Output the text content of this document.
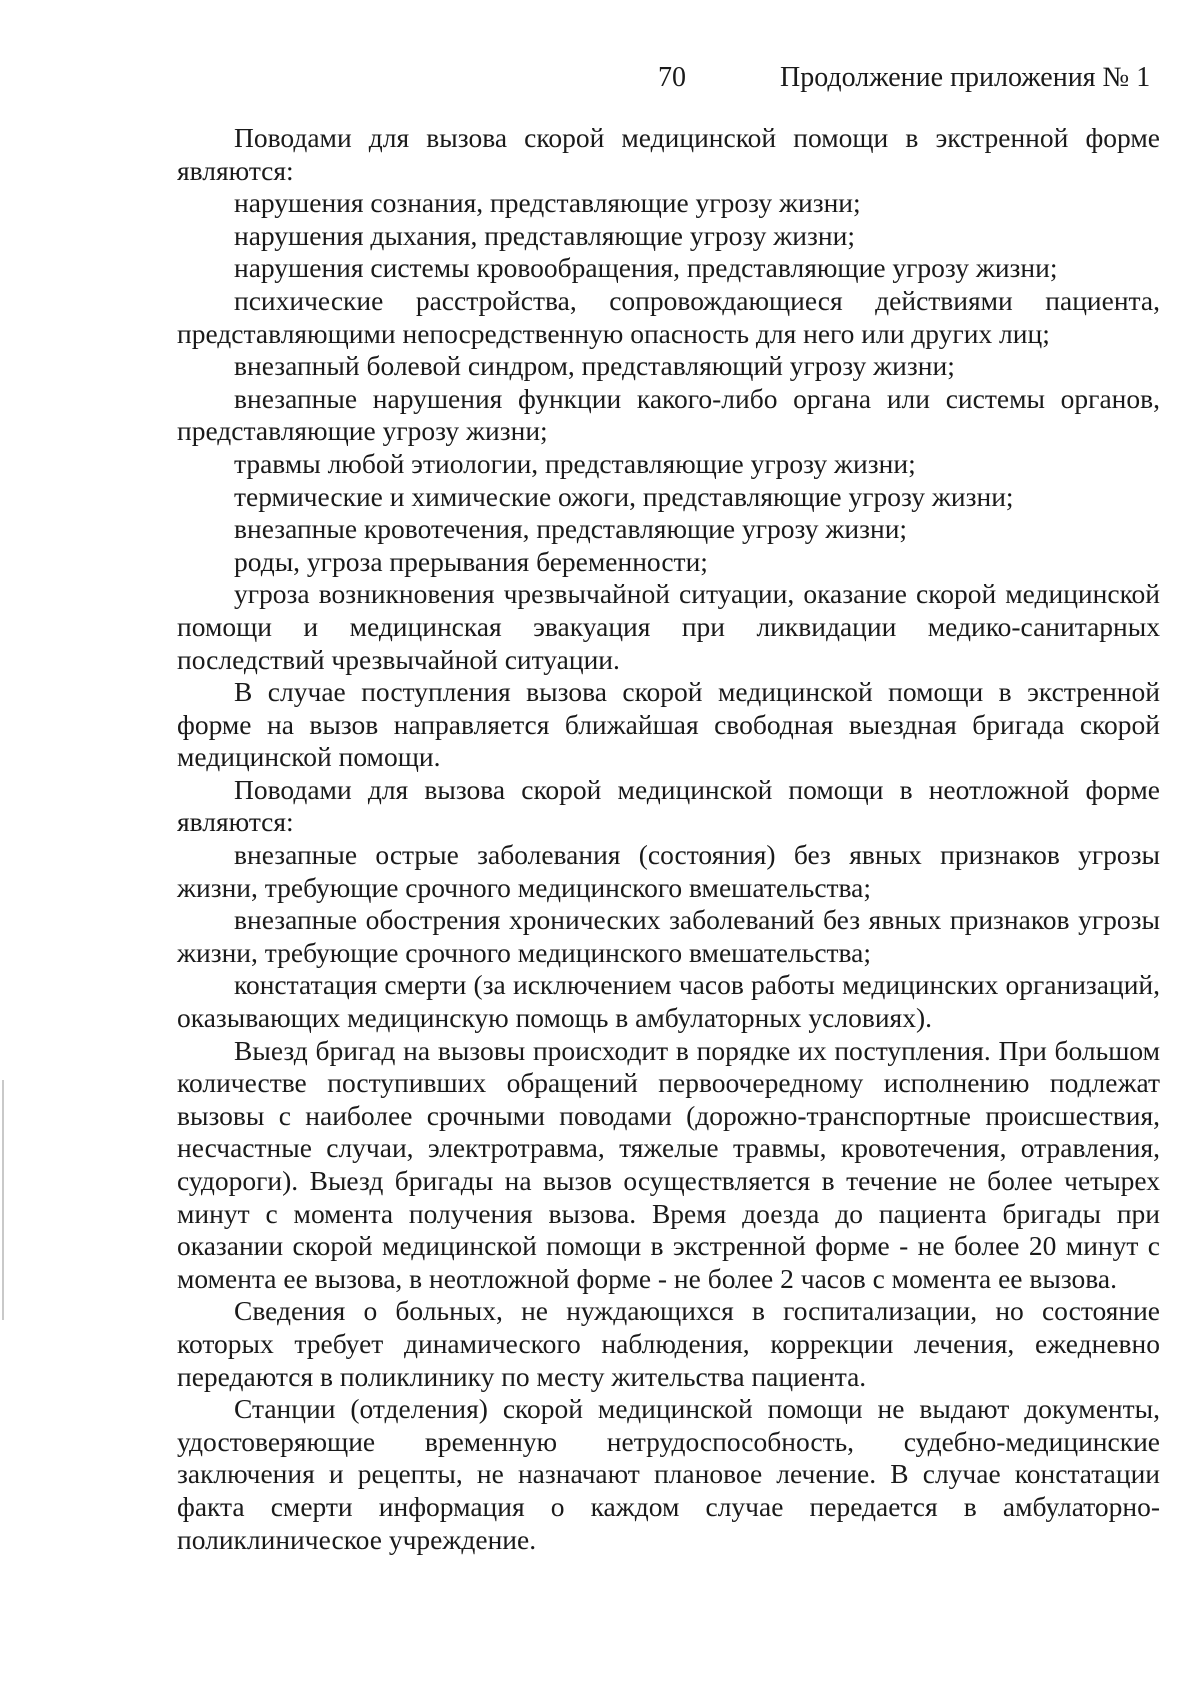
70	Продолжение приложения № 1

Поводами для вызова скорой медицинской помощи в экстренной форме являются:

нарушения сознания, представляющие угрозу жизни;

нарушения дыхания, представляющие угрозу жизни;

нарушения системы кровообращения, представляющие угрозу жизни;

психические расстройства, сопровождающиеся действиями пациента, представляющими непосредственную опасность для него или других лиц;

внезапный болевой синдром, представляющий угрозу жизни;

внезапные нарушения функции какого-либо органа или системы органов, представляющие угрозу жизни;

травмы любой этиологии, представляющие угрозу жизни;

термические и химические ожоги, представляющие угрозу жизни;

внезапные кровотечения, представляющие угрозу жизни;

роды, угроза прерывания беременности;

угроза возникновения чрезвычайной ситуации, оказание скорой медицинской помощи и медицинская эвакуация при ликвидации медико-санитарных последствий чрезвычайной ситуации.

В случае поступления вызова скорой медицинской помощи в экстренной форме на вызов направляется ближайшая свободная выездная бригада скорой медицинской помощи.

Поводами для вызова скорой медицинской помощи в неотложной форме являются:

внезапные острые заболевания (состояния) без явных признаков угрозы жизни, требующие срочного медицинского вмешательства;

внезапные обострения хронических заболеваний без явных признаков угрозы жизни, требующие срочного медицинского вмешательства;

констатация смерти (за исключением часов работы медицинских организаций, оказывающих медицинскую помощь в амбулаторных условиях).

Выезд бригад на вызовы происходит в порядке их поступления. При большом количестве поступивших обращений первоочередному исполнению подлежат вызовы с наиболее срочными поводами (дорожно-транспортные происшествия, несчастные случаи, электротравма, тяжелые травмы, кровотечения, отравления, судороги). Выезд бригады на вызов осуществляется в течение не более четырех минут с момента получения вызова. Время доезда до пациента бригады при оказании скорой медицинской помощи в экстренной форме - не более 20 минут с момента ее вызова, в неотложной форме - не более 2 часов с момента ее вызова.

Сведения о больных, не нуждающихся в госпитализации, но состояние которых требует динамического наблюдения, коррекции лечения, ежедневно передаются в поликлинику по месту жительства пациента.

Станции (отделения) скорой медицинской помощи не выдают документы, удостоверяющие временную нетрудоспособность, судебно-медицинские заключения и рецепты, не назначают плановое лечение. В случае констатации факта смерти информация о каждом случае передается в амбулаторно-поликлиническое учреждение.
